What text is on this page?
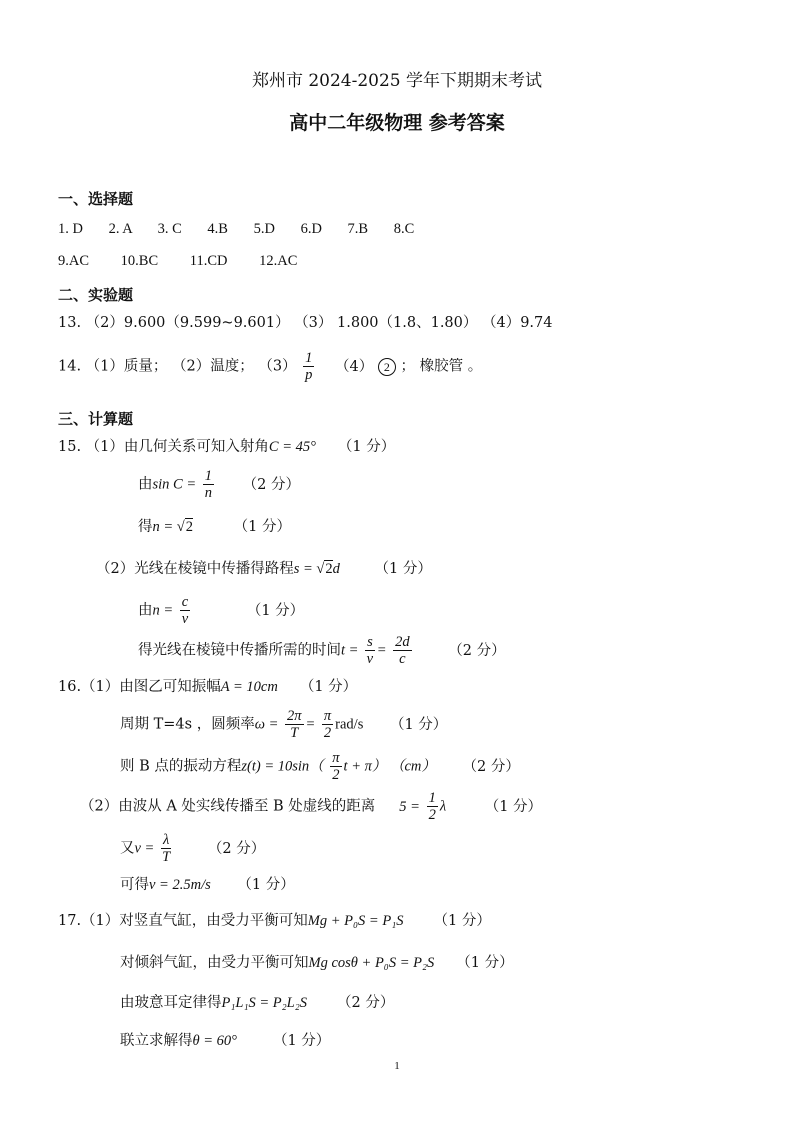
郑州市 2024-2025 学年下期期末考试
高中二年级物理 参考答案
一、选择题
1. D 2. A 3. C 4.B 5.D 6.D 7.B 8.C
9.AC 10.BC 11.CD 12.AC
二、实验题
13. （2）9.600（9.599~9.601） （3） 1.800（1.8、1.80） （4）9.74
14. （1）质量； （2）温度； $(3) \frac{1}{p} (4)$ 2 ； 橡胶管 。
三、计算题
15. （1）由几何关系可知入射角C = 45° （1 分）
由$\sin C = \frac{1}{n} (2$ 分）
得n = √2	（1 分）
（2）光线在棱镜中传播得路程s = √2d （1 分）
由$n = \frac{c}{v}$	（1 分）
得光线在棱镜中传播所需的时间$t = \frac{s}{v} = \frac{2d}{c}$	（2 分）
16.（1）由图乙可知振幅A = 10cm （1 分）
周期 T=4s ，圆频率$\omega = \frac{2\pi}{T} = \frac{\pi}{2} rad/s$ （1 分）
则 B 点的振动方程$z(t) = 10\sin( \frac{\pi}{2}$ t + π） （cm） （2 分）
（2）由波从 A 处实线传播至 B 处虚线的距离 $5 = \frac{1}{2}$ λ	（1 分）
又$v = \frac{\lambda}{T}$	（2 分）
可得v = 2.5m/s （1 分）
17.（1）对竖直气缸，由受力平衡可知Mg + P₀S = P₁S （1 分）
对倾斜气缸，由受力平衡可知Mg cosθ + P₀S = P₂S （1 分）
由玻意耳定律得P₁L₁S = P₂L₂S （2 分）
联立求解得θ = 60° （1 分）
1
